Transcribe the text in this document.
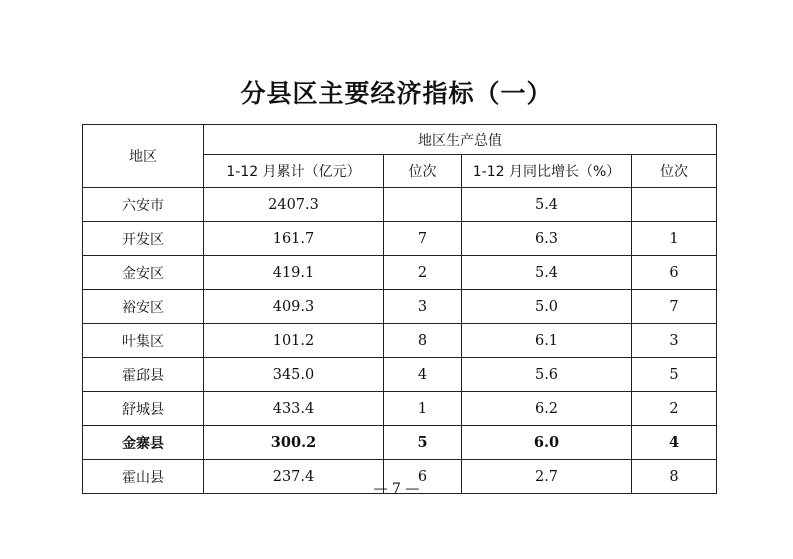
分县区主要经济指标（一）
地区	地区生产总值			
	1-12 月累计（亿元）	位次	1-12 月同比增长（%）	位次
六安市	2407.3		5.4	
开发区	161.7	7	6.3	1
金安区	419.1	2	5.4	6
裕安区	409.3	3	5.0	7
叶集区	101.2	8	6.1	3
霍邱县	345.0	4	5.6	5
舒城县	433.4	1	6.2	2
金寨县	300.2	5	6.0	4
霍山县	237.4	6	2.7	8
— 7 —
